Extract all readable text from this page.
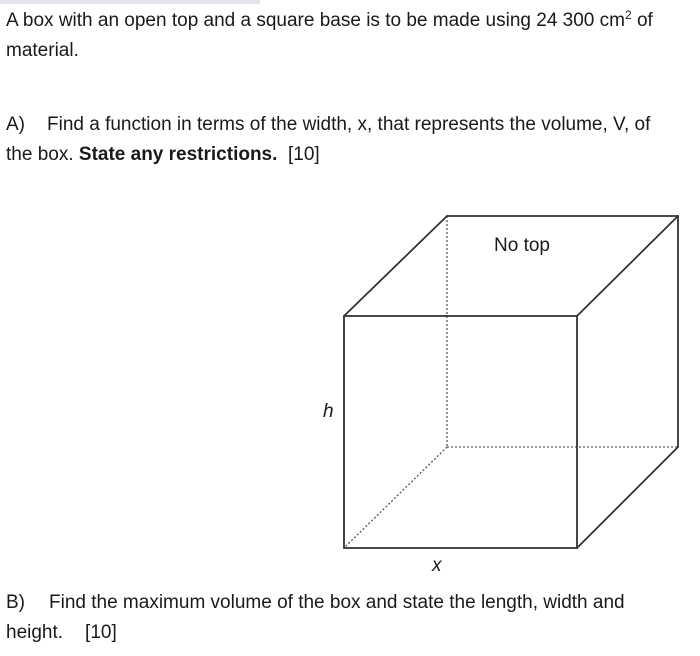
A box with an open top and a square base is to be made using 24 300 $cm^2$ of

material.

A) Find a function in terms of the width, x, that represents the volume, V, of

the box. State any restrictions. [10]

No top
h
x

B) Find the maximum volume of the box and state the length, width and

height. [10]
